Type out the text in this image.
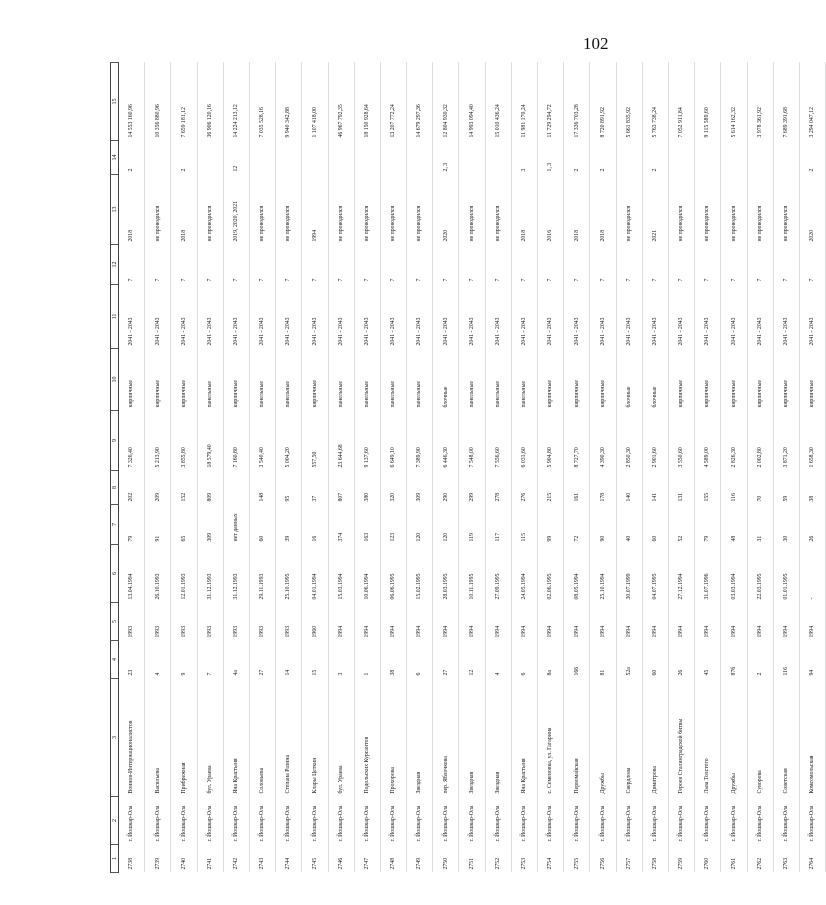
102
1	2	3	4	5	6	7	8	9	10	11	12	13	14	15
2738	г. Йошкар-Ола	Воинов-Интернационалистов	23	1993	13.04.1994	79	202	7 326,40	кирпичные	2041 - 2043	7	2018	2	14 553 160,96
2739	г. Йошкар-Ола	Васильева	4	1993	26.10.1993	91	209	5 213,90	кирпичные	2041 - 2043	7	не проводился		10 356 880,96
2740	г. Йошкар-Ола	Прибрежная	9	1993	12.01.1993	65	152	3 855,80	кирпичные	2041 - 2043	7	2018	2	7 659 181,12
2741	г. Йошкар-Ола	бул. Ураева	7	1993	31.12.1993	309	809	18 579,40	панельные	2041 - 2043	7	не проводился		36 906 120,16
2742	г. Йошкар-Ола	Яна Крастыня	4а	1993	31.12.1993	нет данных		7 160,80	кирпичные	2041 - 2043	7	2019, 2020, 2021	12	14 224 213,12
2743	г. Йошкар-Ола	Соловьева	27	1993	29.11.1993	60	148	3 540,40	панельные	2041 - 2043	7	не проводился		7 035 528,16
2744	г. Йошкар-Ола	Степана Разина	14	1993	25.10.1995	39	95	5 004,20	панельные	2041 - 2043	7	не проводился		9 940 342,88
2745	г. Йошкар-Ола	Клары Цеткин	15	1960	04.01.1994	16	37	557,50	кирпичные	2041 - 2043	7	1994		1 107 418,00
2746	г. Йошкар-Ола	бул. Ураева	3	1994	15.03.1994	374	807	23 644,68	панельные	2041 - 2043	7	не проводился		46 967 792,35
2747	г. Йошкар-Ола	Подольских Курсантов	1	1994	10.06.1994	163	380	9 137,60	панельные	2041 - 2043	7	не проводился		18 150 928,64
2748	г. Йошкар-Ола	Прохорова	38	1994	06.06.1995	123	320	6 649,10	панельные	2041 - 2043	7	не проводился		13 207 772,24
2749	г. Йошкар-Ола	Звездная	6	1994	15.02.1995	120	309	7 389,90	панельные	2041 - 2043	7	не проводился		14 679 297,36
2750	г. Йошкар-Ола	пер. Яблочкова	27	1994	28.03.1995	120	290	6 446,30	блочные	2041 - 2043	7	2020	2, 3	12 804 930,32
2751	г. Йошкар-Ола	Звездная	12	1994	10.11.1995	119	299	7 548,00	панельные	2041 - 2043	7	не проводился		14 993 094,40
2752	г. Йошкар-Ола	Звездная	4	1994	27.09.1995	117	278	7 556,60	панельные	2041 - 2043	7	не проводился		15 010 436,24
2753	г. Йошкар-Ола	Яна Крастыня	6	1994	24.05.1994	115	276	6 031,60	панельные	2041 - 2043	7	2018	3	11 981 170,24
2754	г. Йошкар-Ола	с. Семеновка, ул. Гагарина	8а	1994	02.06.1995	99	215	5 904,80	кирпичные	2041 - 2043	7	2016	1, 3	11 729 294,72
2755	г. Йошкар-Ола	Первомайская	166	1994	08.05.1994	72	161	8 727,70	кирпичные	2041 - 2043	7	2018	2	17 336 703,28
2756	г. Йошкар-Ола	Дружбы	81	1994	25.10.1994	90	178	4 390,30	кирпичные	2041 - 2043	7	2018	2	8 720 891,92
2757	г. Йошкар-Ола	Свердлова	52а	1994	30.07.1999	40	140	2 850,30	блочные	2041 - 2043	7	не проводился		5 661 835,92
2758	г. Йошкар-Ола	Димитрова	60	1994	04.07.1995	60	141	2 901,60	блочные	2041 - 2043	7	2021	2	5 763 738,24
2759	г. Йошкар-Ола	Героев Сталинградской битвы	26	1994	27.12.1994	52	131	3 550,60	кирпичные	2041 - 2043	7	не проводился		7 052 911,84
2760	г. Йошкар-Ола	Льва Толстого	45	1994	31.07.1996	79	155	4 589,00	кирпичные	2041 - 2043	7	не проводился		9 115 589,60
2761	г. Йошкар-Ола	Дружбы	87б	1994	03.03.1994	48	116	2 826,30	кирпичные	2041 - 2043	7	не проводился		5 614 162,32
2762	г. Йошкар-Ола	Суворова	2	1994	22.03.1995	31	70	2 002,80	кирпичные	2041 - 2043	7	не проводился		3 978 361,92
2763	г. Йошкар-Ола	Советская	116	1994	01.01.1995	30	59	3 871,20	кирпичные	2041 - 2043	7	не проводился		7 689 391,68
2764	г. Йошкар-Ола	Комсомольская	94	1994	-	26	38	1 658,30	кирпичные	2041 - 2043	7	2020	2	3 294 047,12
